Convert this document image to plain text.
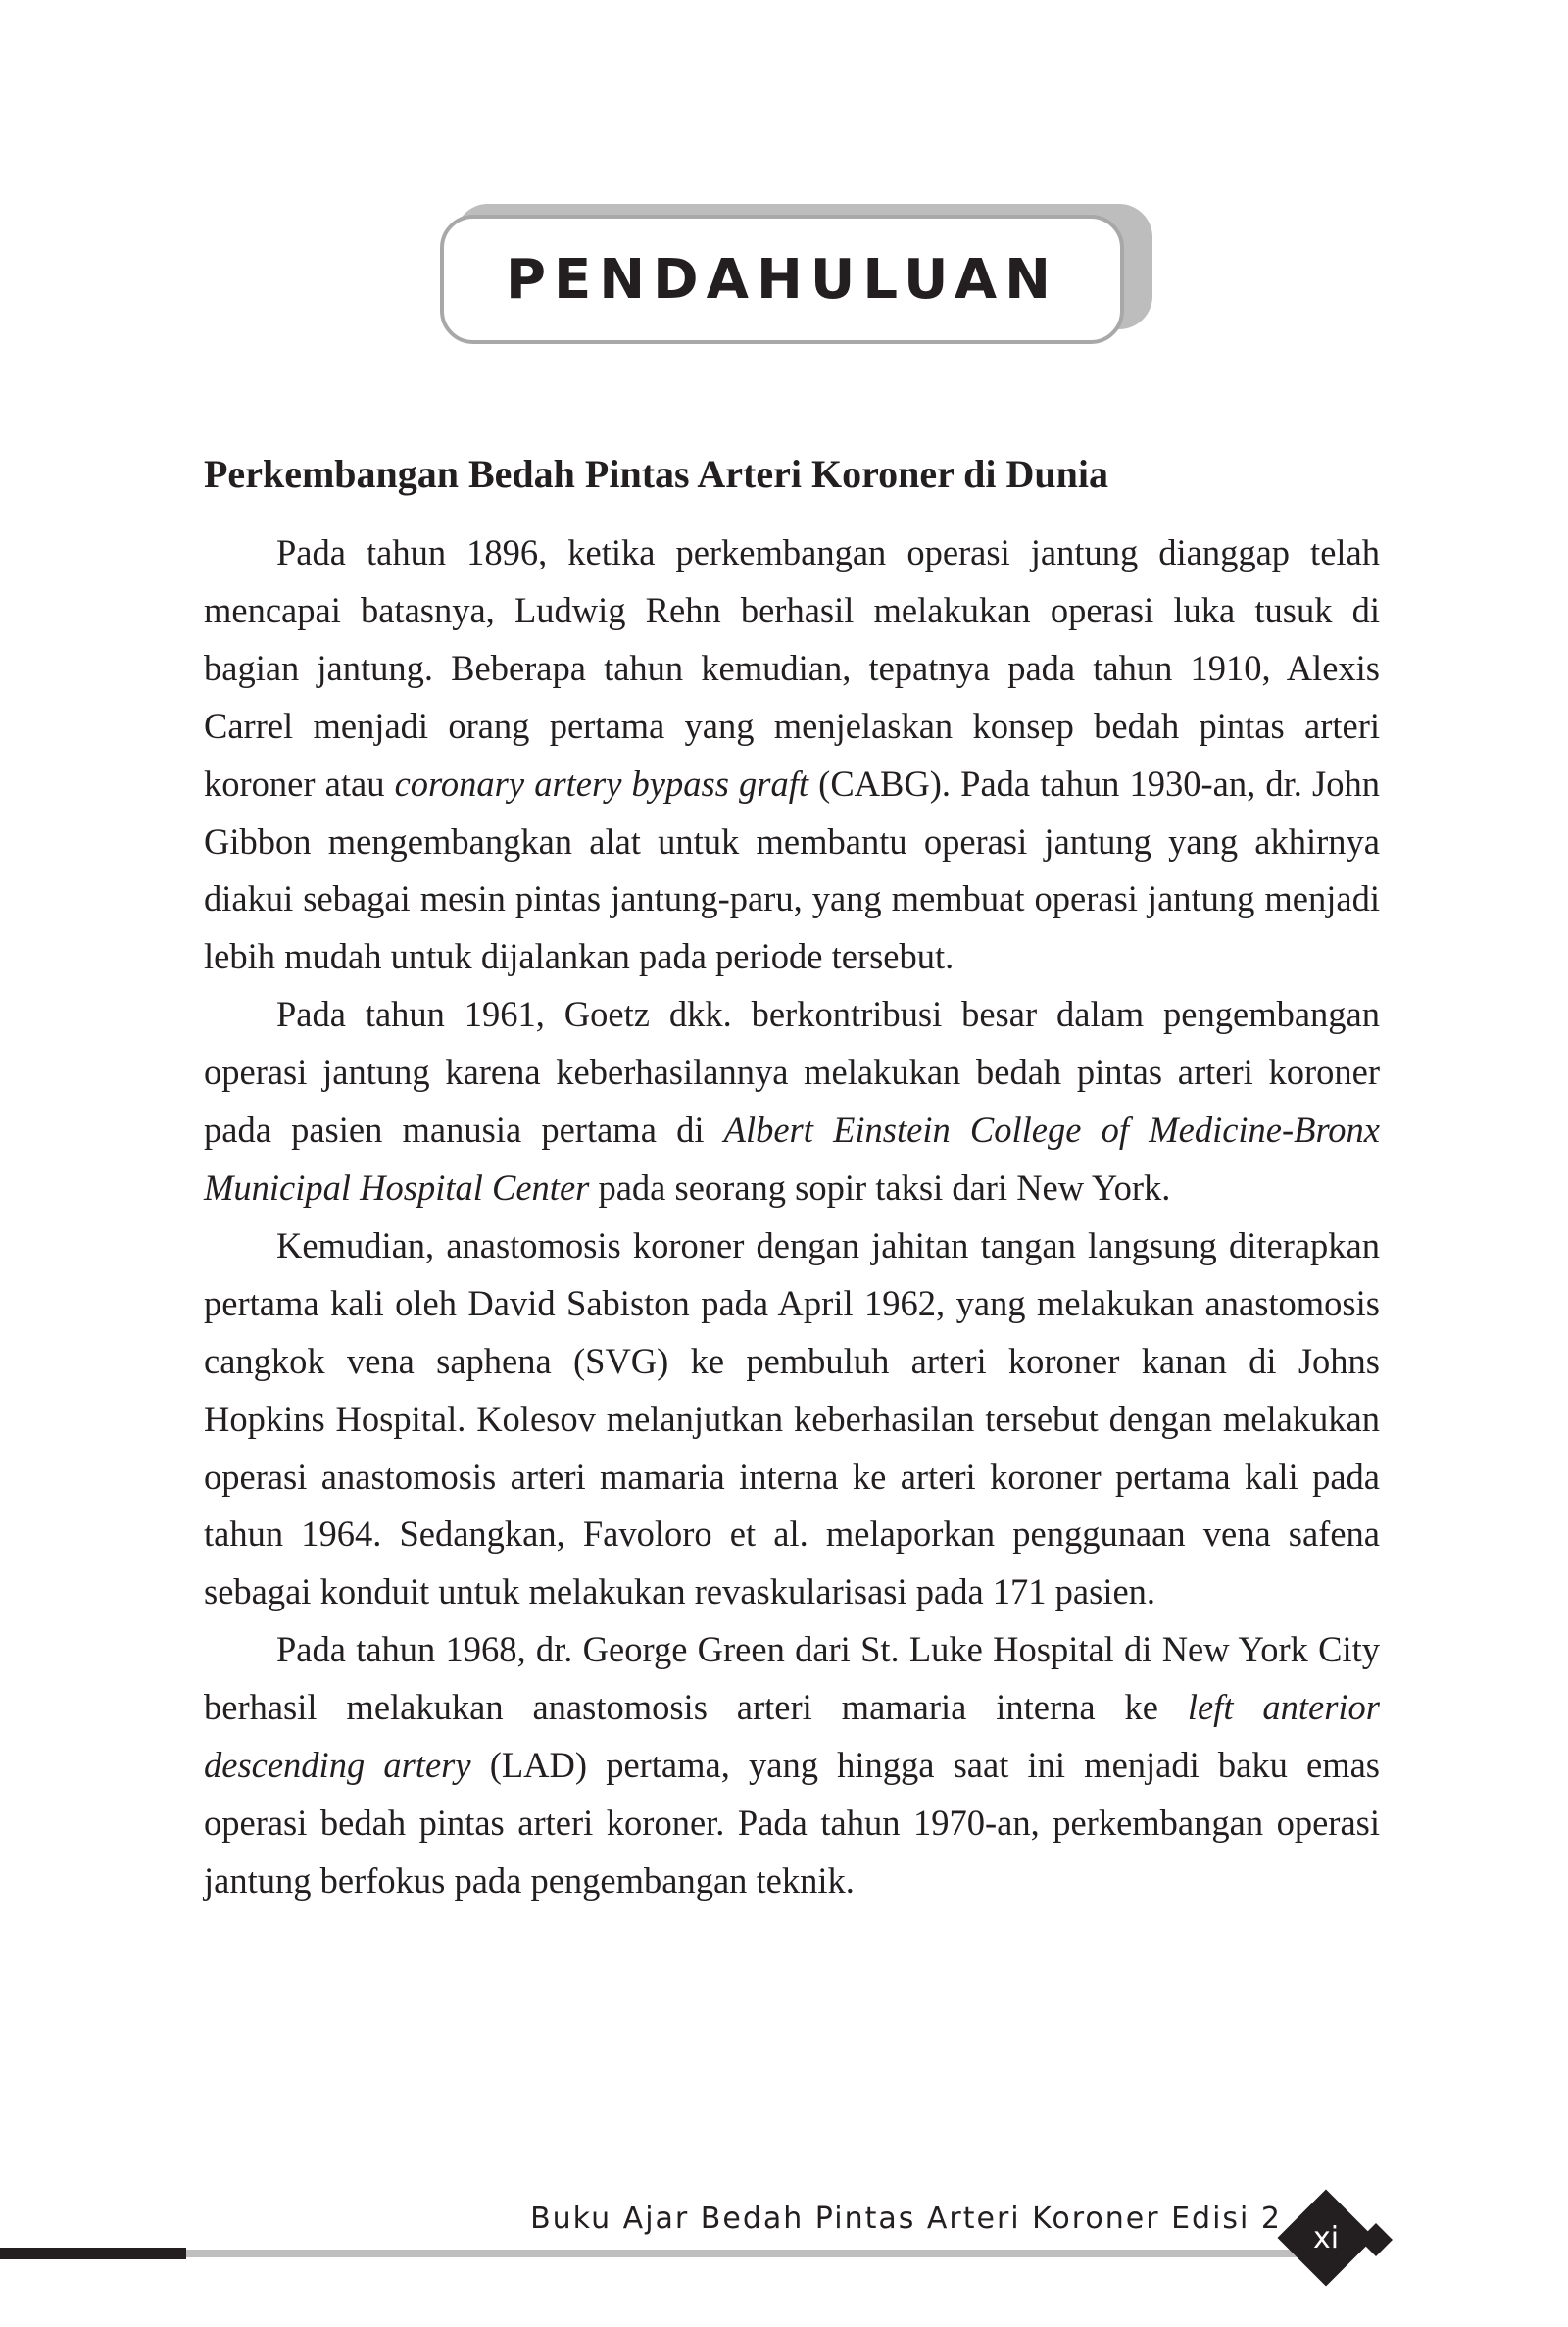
PENDAHULUAN
Perkembangan Bedah Pintas Arteri Koroner di Dunia

Pada tahun 1896, ketika perkembangan operasi jantung dianggap telah mencapai batasnya, Ludwig Rehn berhasil melakukan operasi luka tusuk di bagian jantung. Beberapa tahun kemudian, tepatnya pada tahun 1910, Alexis Carrel menjadi orang pertama yang menjelaskan konsep bedah pintas arteri koroner atau coronary artery bypass graft (CABG). Pada tahun 1930-an, dr. John Gibbon mengembangkan alat untuk membantu operasi jantung yang akhirnya diakui sebagai mesin pintas jantung-paru, yang membuat operasi jantung menjadi lebih mudah untuk dijalankan pada periode tersebut.

Pada tahun 1961, Goetz dkk. berkontribusi besar dalam pengembangan operasi jantung karena keberhasilannya melakukan bedah pintas arteri koroner pada pasien manusia pertama di Albert Einstein College of Medicine-Bronx Municipal Hospital Center pada seorang sopir taksi dari New York.

Kemudian, anastomosis koroner dengan jahitan tangan langsung diterapkan pertama kali oleh David Sabiston pada April 1962, yang melakukan anastomosis cangkok vena saphena (SVG) ke pembuluh arteri koroner kanan di Johns Hopkins Hospital. Kolesov melanjutkan keberhasilan tersebut dengan melakukan operasi anastomosis arteri mamaria interna ke arteri koroner pertama kali pada tahun 1964. Sedangkan, Favoloro et al. melaporkan penggunaan vena safena sebagai konduit untuk melakukan revaskularisasi pada 171 pasien.

Pada tahun 1968, dr. George Green dari St. Luke Hospital di New York City berhasil melakukan anastomosis arteri mamaria interna ke left anterior descending artery (LAD) pertama, yang hingga saat ini menjadi baku emas operasi bedah pintas arteri koroner. Pada tahun 1970-an, perkembangan operasi jantung berfokus pada pengembangan teknik.

Buku Ajar Bedah Pintas Arteri Koroner Edisi 2
xi
